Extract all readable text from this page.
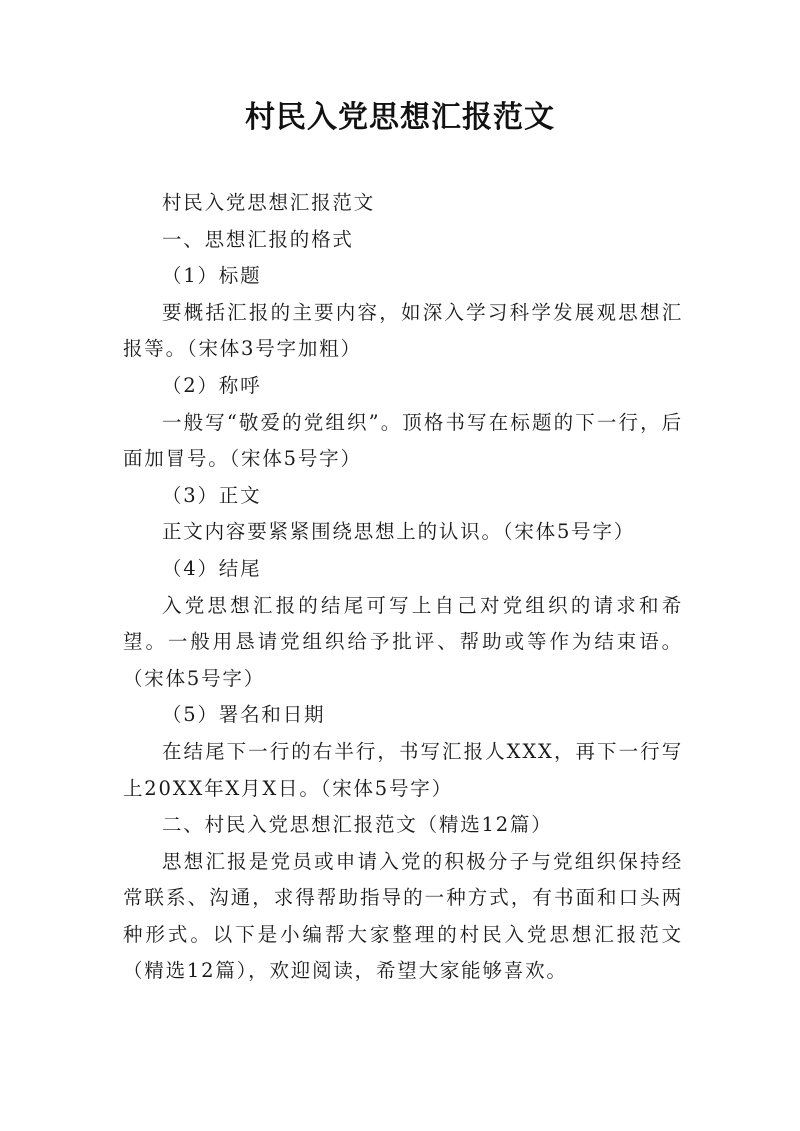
村民入党思想汇报范文

村民入党思想汇报范文

一、思想汇报的格式

（1）标题

要概括汇报的主要内容，如深入学习科学发展观思想汇报等。（宋体3号字加粗）

（2）称呼

一般写“敬爱的党组织”。顶格书写在标题的下一行，后面加冒号。（宋体5号字）

（3）正文

正文内容要紧紧围绕思想上的认识。（宋体5号字）

（4）结尾

入党思想汇报的结尾可写上自己对党组织的请求和希望。一般用恳请党组织给予批评、帮助或等作为结束语。（宋体5号字）

（5）署名和日期

在结尾下一行的右半行，书写汇报人XXX，再下一行写上20XX年X月X日。（宋体5号字）

二、村民入党思想汇报范文（精选12篇）

思想汇报是党员或申请入党的积极分子与党组织保持经常联系、沟通，求得帮助指导的一种方式，有书面和口头两种形式。以下是小编帮大家整理的村民入党思想汇报范文（精选12篇），欢迎阅读，希望大家能够喜欢。
